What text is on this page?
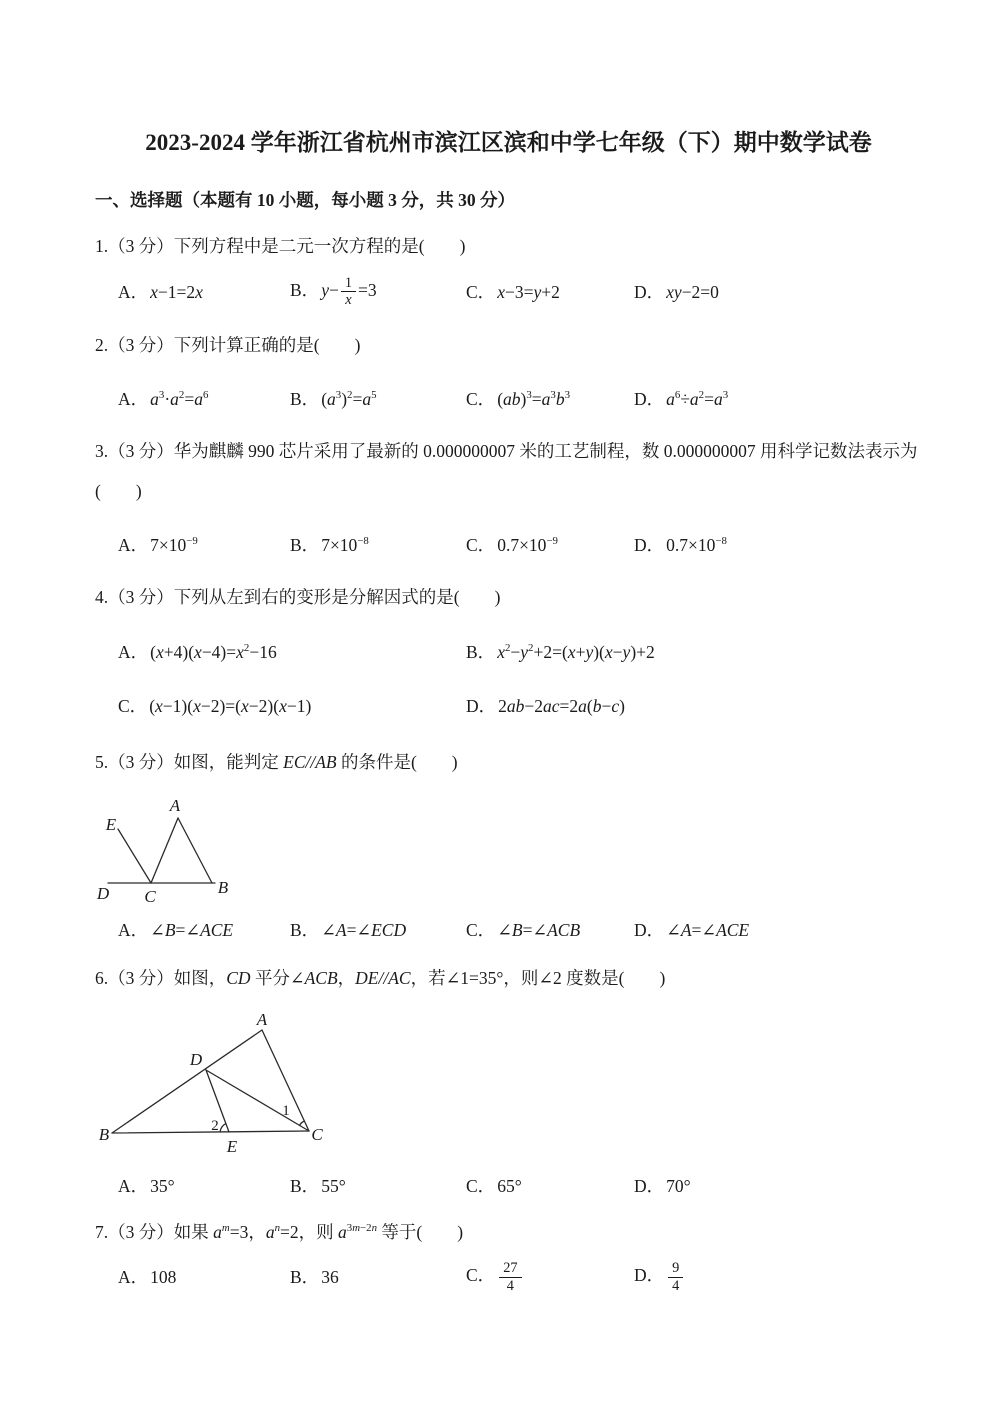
2023-2024 学年浙江省杭州市滨江区滨和中学七年级（下）期中数学试卷
一、选择题（本题有 10 小题，每小题 3 分，共 30 分）

1.（3 分）下列方程中是二元一次方程的是(　　)

A． x−1=2x	B． $y- \frac{1}{x} =3$	C． x−3=y+2	D． xy−2=0

2.（3 分）下列计算正确的是(　　)

A． $a^3\cdot a^2=a^6$	B． $(a^3)^2=a^5$	C． $(ab)^3=a^3b^3$	D． $a^6\div a^2=a^3$

3.（3 分）华为麒麟 990 芯片采用了最新的 0.000000007 米的工艺制程，数 0.000000007 用科学记数法表示为(　　)

A． $7\times 10^{-9}$	B． $7\times 10^{-8}$	C． $0.7\times 10^{-9}$	D． $0.7\times 10^{-8}$

4.（3 分）下列从左到右的变形是分解因式的是(　　)

A． $(x+4)(x-4)=x^2-16$	B． $x^2-y^2+2=(x+y)(x-y)+2$
C． (x−1)(x−2)=(x−2)(x−1)	D． 2ab−2ac=2a(b−c)

5.（3 分）如图，能判定 EC//AB 的条件是(　　)

E
A
D C	B
A． ∠B=∠ACE	B． ∠A=∠ECD	C． ∠B=∠ACB	D． ∠A=∠ACE

6.（3 分）如图，CD 平分∠ACB，DE//AC，若∠1=35°，则∠2 度数是(　　)

A
D
B
E
C
1
2
A． 35°	B． 55°	C． 65°	D． 70°

7.（3 分）如果 $a^m=3$，$a^n=2$，则 $a^{3m-2n}$ 等于(　　)

A． 108	B． 36	C． $\frac{27}{4}$	D． $\frac{9}{4}$
